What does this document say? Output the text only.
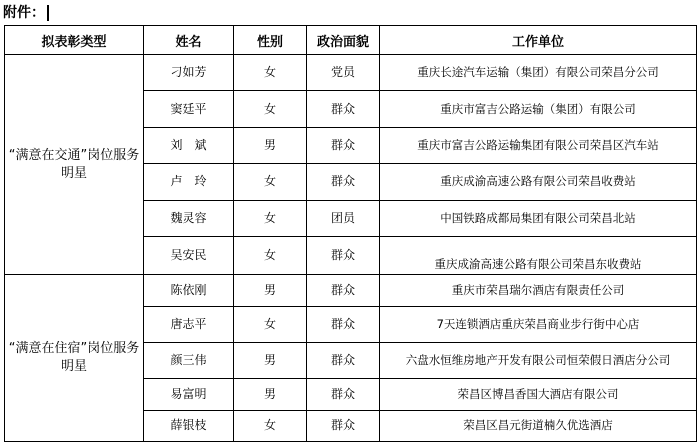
附件：
拟表彰类型	姓名	性别	政治面貌	工作单位
“满意在交通”岗位服务明星	刁如芳	女	党员	重庆长途汽车运输（集团）有限公司荣昌分公司
	窦廷平	女	群众	重庆市富吉公路运输（集团）有限公司
	刘　斌	男	群众	重庆市富吉公路运输集团有限公司荣昌区汽车站
	卢　玲	女	群众	重庆成渝高速公路有限公司荣昌收费站
	魏灵容	女	团员	中国铁路成都局集团有限公司荣昌北站
	吴安民	女	群众	重庆成渝高速公路有限公司荣昌东收费站
“满意在住宿”岗位服务明星	陈依刚	男	群众	重庆市荣昌瑞尔酒店有限责任公司
	唐志平	女	群众	7天连锁酒店重庆荣昌商业步行街中心店
	颜三伟	男	群众	六盘水恒维房地产开发有限公司恒荣假日酒店分公司
	易富明	男	群众	荣昌区博昌香国大酒店有限公司
	薛银枝	女	群众	荣昌区昌元街道楠久优选酒店
